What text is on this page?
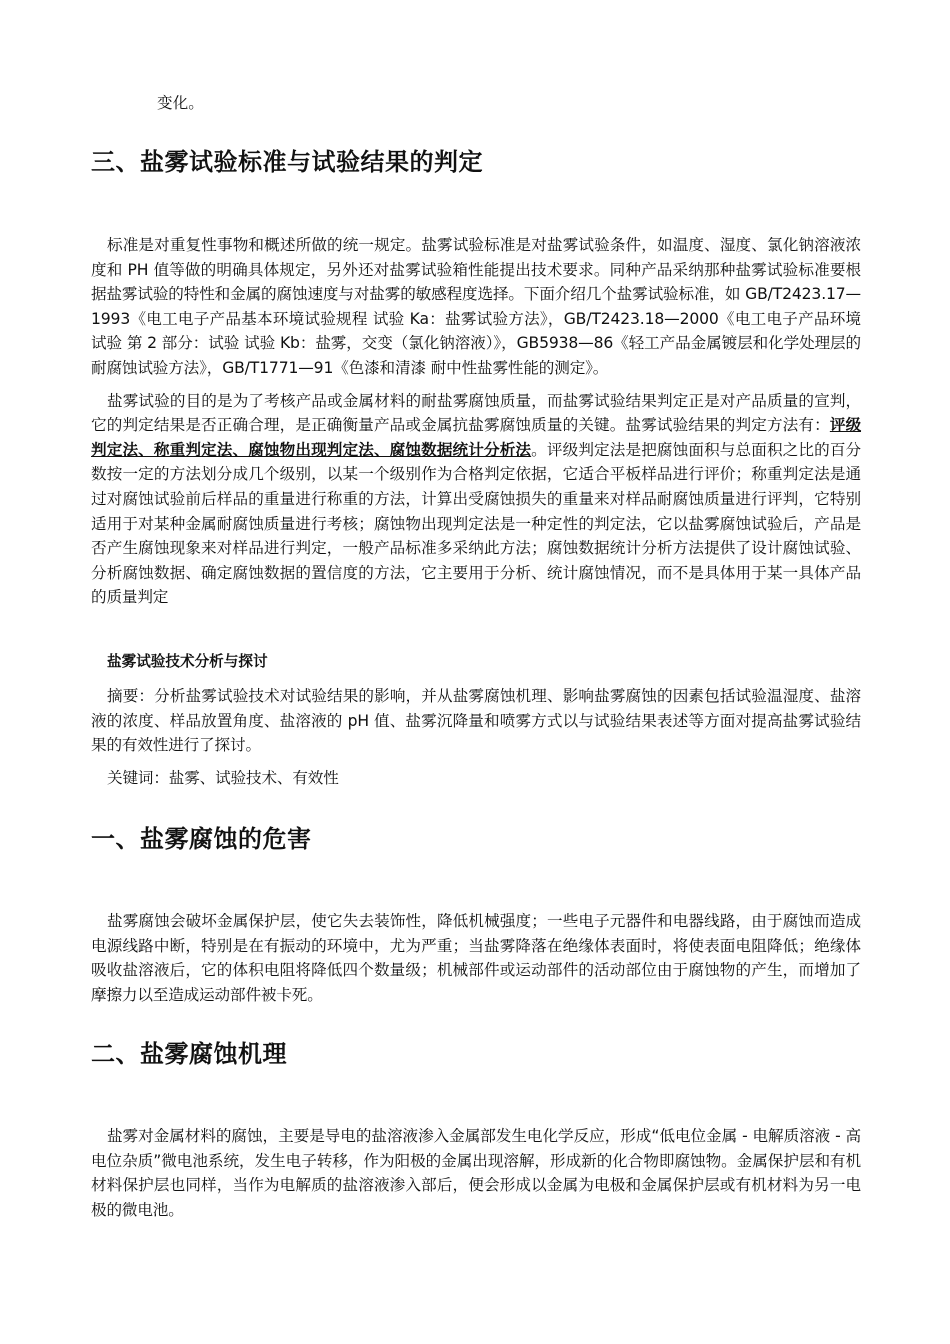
变化。
三、盐雾试验标准与试验结果的判定

标准是对重复性事物和概述所做的统一规定。盐雾试验标准是对盐雾试验条件，如温度、湿度、氯化钠溶液浓度和 PH 值等做的明确具体规定，另外还对盐雾试验箱性能提出技术要求。同种产品采纳那种盐雾试验标准要根据盐雾试验的特性和金属的腐蚀速度与对盐雾的敏感程度选择。下面介绍几个盐雾试验标准，如 GB/T2423.17—1993《电工电子产品基本环境试验规程 试验 Ka：盐雾试验方法》，GB/T2423.18—2000《电工电子产品环境试验 第 2 部分：试验 试验 Kb：盐雾，交变（氯化钠溶液）》，GB5938—86《轻工产品金属镀层和化学处理层的耐腐蚀试验方法》，GB/T1771—91《色漆和清漆 耐中性盐雾性能的测定》。

盐雾试验的目的是为了考核产品或金属材料的耐盐雾腐蚀质量，而盐雾试验结果判定正是对产品质量的宣判，它的判定结果是否正确合理，是正确衡量产品或金属抗盐雾腐蚀质量的关键。盐雾试验结果的判定方法有：评级判定法、称重判定法、腐蚀物出现判定法、腐蚀数据统计分析法。评级判定法是把腐蚀面积与总面积之比的百分数按一定的方法划分成几个级别，以某一个级别作为合格判定依据，它适合平板样品进行评价；称重判定法是通过对腐蚀试验前后样品的重量进行称重的方法，计算出受腐蚀损失的重量来对样品耐腐蚀质量进行评判，它特别适用于对某种金属耐腐蚀质量进行考核；腐蚀物出现判定法是一种定性的判定法，它以盐雾腐蚀试验后，产品是否产生腐蚀现象来对样品进行判定，一般产品标准多采纳此方法；腐蚀数据统计分析方法提供了设计腐蚀试验、分析腐蚀数据、确定腐蚀数据的置信度的方法，它主要用于分析、统计腐蚀情况，而不是具体用于某一具体产品的质量判定

盐雾试验技术分析与探讨

摘要：分析盐雾试验技术对试验结果的影响，并从盐雾腐蚀机理、影响盐雾腐蚀的因素包括试验温湿度、盐溶液的浓度、样品放置角度、盐溶液的 pH 值、盐雾沉降量和喷雾方式以与试验结果表述等方面对提高盐雾试验结果的有效性进行了探讨。

关键词：盐雾、试验技术、有效性

一、盐雾腐蚀的危害

盐雾腐蚀会破坏金属保护层，使它失去装饰性，降低机械强度；一些电子元器件和电器线路，由于腐蚀而造成电源线路中断，特别是在有振动的环境中，尤为严重；当盐雾降落在绝缘体表面时，将使表面电阻降低；绝缘体吸收盐溶液后，它的体积电阻将降低四个数量级；机械部件或运动部件的活动部位由于腐蚀物的产生，而增加了摩擦力以至造成运动部件被卡死。

二、盐雾腐蚀机理

盐雾对金属材料的腐蚀，主要是导电的盐溶液渗入金属部发生电化学反应，形成“低电位金属 - 电解质溶液 - 高电位杂质”微电池系统，发生电子转移，作为阳极的金属出现溶解，形成新的化合物即腐蚀物。金属保护层和有机材料保护层也同样，当作为电解质的盐溶液渗入部后，便会形成以金属为电极和金属保护层或有机材料为另一电极的微电池。
